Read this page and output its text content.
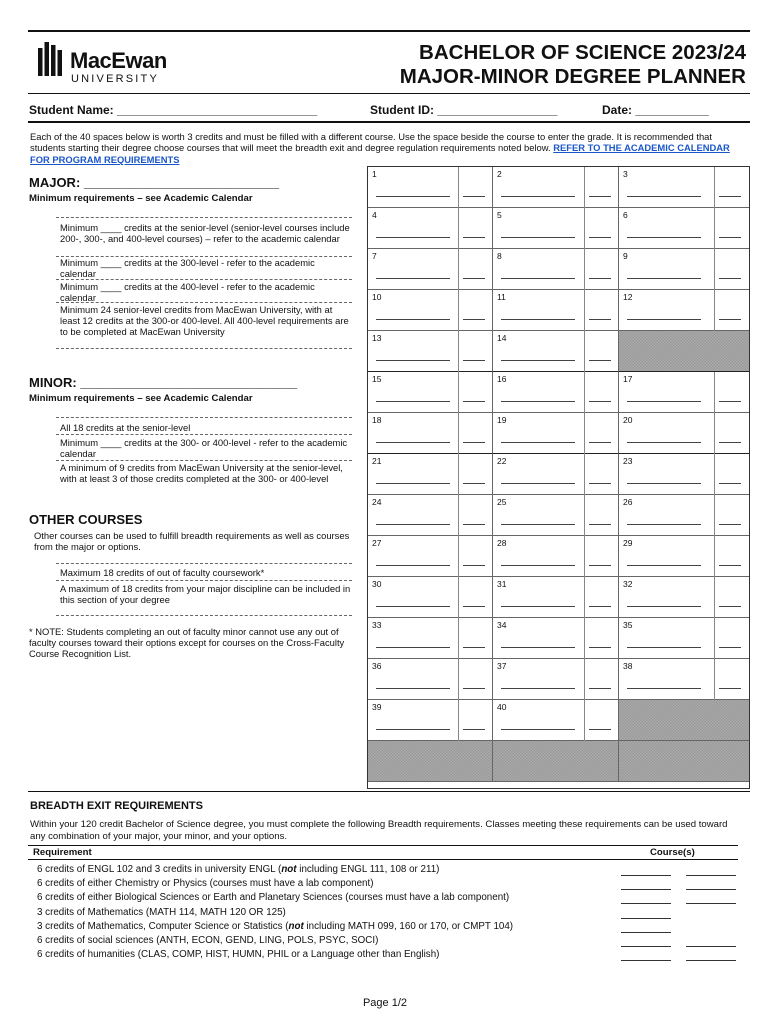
MacEwan
UNIVERSITY
BACHELOR OF SCIENCE 2023/24
MAJOR-MINOR DEGREE PLANNER
Student Name: ______________________________	Student ID: __________________	Date: ___________
Each of the 40 spaces below is worth 3 credits and must be filled with a different course. Use the space beside the course to enter the grade. It is recommended that students starting their degree choose courses that will meet the breadth exit and degree regulation requirements noted below. REFER TO THE ACADEMIC CALENDAR FOR PROGRAM REQUIREMENTS
MAJOR: ___________________________
Minimum requirements – see Academic Calendar
Minimum ____ credits at the senior-level (senior-level courses include 200-, 300-, and 400-level courses) – refer to the academic calendar
Minimum ____ credits at the 300-level - refer to the academic calendar
Minimum ____ credits at the 400-level - refer to the academic calendar
Minimum 24 senior-level credits from MacEwan University, with at least 12 credits at the 300-or 400-level. All 400-level requirements are to be completed at MacEwan University
MINOR: ______________________________
Minimum requirements – see Academic Calendar
All 18 credits at the senior-level
Minimum ____ credits at the 300- or 400-level - refer to the academic calendar
A minimum of 9 credits from MacEwan University at the senior-level, with at least 3 of those credits completed at the 300- or 400-level
OTHER COURSES
Other courses can be used to fulfill breadth requirements as well as courses from the major or options.
Maximum 18 credits of out of faculty coursework*
A maximum of 18 credits from your major discipline can be included in this section of your degree
* NOTE: Students completing an out of faculty minor cannot use any out of faculty courses toward their options except for courses on the Cross-Faculty Course Recognition List.
1	2	3
4	5	6
7	8	9
10	11	12
13	14
15	16	17
18	19	20
21	22	23
24	25	26
27	28	29
30	31	32
33	34	35
36	37	38
39	40
BREADTH EXIT REQUIREMENTS
Within your 120 credit Bachelor of Science degree, you must complete the following Breadth requirements. Classes meeting these requirements can be used toward any combination of your major, your minor, and your options.
Requirement	Course(s)
6 credits of ENGL 102 and 3 credits in university ENGL (not including ENGL 111, 108 or 211)
6 credits of either Chemistry or Physics (courses must have a lab component)
6 credits of either Biological Sciences or Earth and Planetary Sciences (courses must have a lab component)
3 credits of Mathematics (MATH 114, MATH 120 OR 125)
3 credits of Mathematics, Computer Science or Statistics (not including MATH 099, 160 or 170, or CMPT 104)
6 credits of social sciences (ANTH, ECON, GEND, LING, POLS, PSYC, SOCI)
6 credits of humanities (CLAS, COMP, HIST, HUMN, PHIL or a Language other than English)
Page 1/2
